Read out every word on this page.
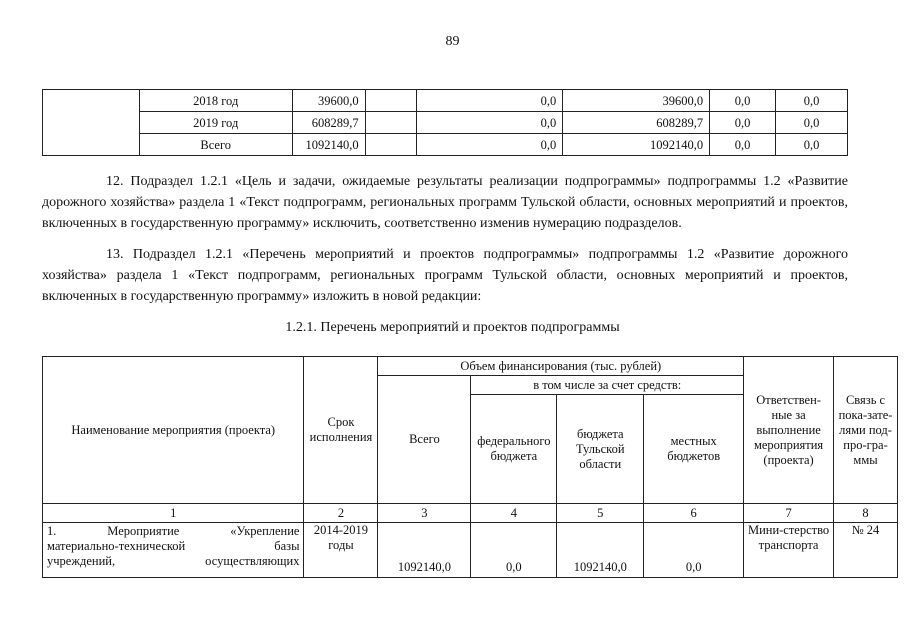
89
	2018 год	39600,0		0,0	39600,0	0,0	0,0
	2019 год	608289,7		0,0	608289,7	0,0	0,0
	Всего	1092140,0		0,0	1092140,0	0,0	0,0
12. Подраздел 1.2.1 «Цель и задачи, ожидаемые результаты реализации подпрограммы» подпрограммы 1.2 «Развитие дорожного хозяйства» раздела 1 «Текст подпрограмм, региональных программ Тульской области, основных мероприятий и проектов, включенных в государственную программу» исключить, соответственно изменив нумерацию подразделов.
13. Подраздел 1.2.1 «Перечень мероприятий и проектов подпрограммы» подпрограммы 1.2 «Развитие дорожного хозяйства» раздела 1 «Текст подпрограмм, региональных программ Тульской области, основных мероприятий и проектов, включенных в государственную программу» изложить в новой редакции:
1.2.1. Перечень мероприятий и проектов подпрограммы
Наименование мероприятия (проекта)	Срок исполнения	Объем финансирования (тыс. рублей)				Ответствен-ные за выполнение мероприятия (проекта)	Связь с пока-зате-лями под-про-гра-ммы
		Всего	в том числе за счет средств:				
			федерального бюджета	бюджета Тульской области	местных бюджетов		
1	2	3	4	5	6	7	8

1. Мероприятие «Укрепление
материально-технической базы
учреждений, осуществляющих	2014-2019 годы	1092140,0	0,0	1092140,0	0,0	Мини-стерство транспорта	№ 24
